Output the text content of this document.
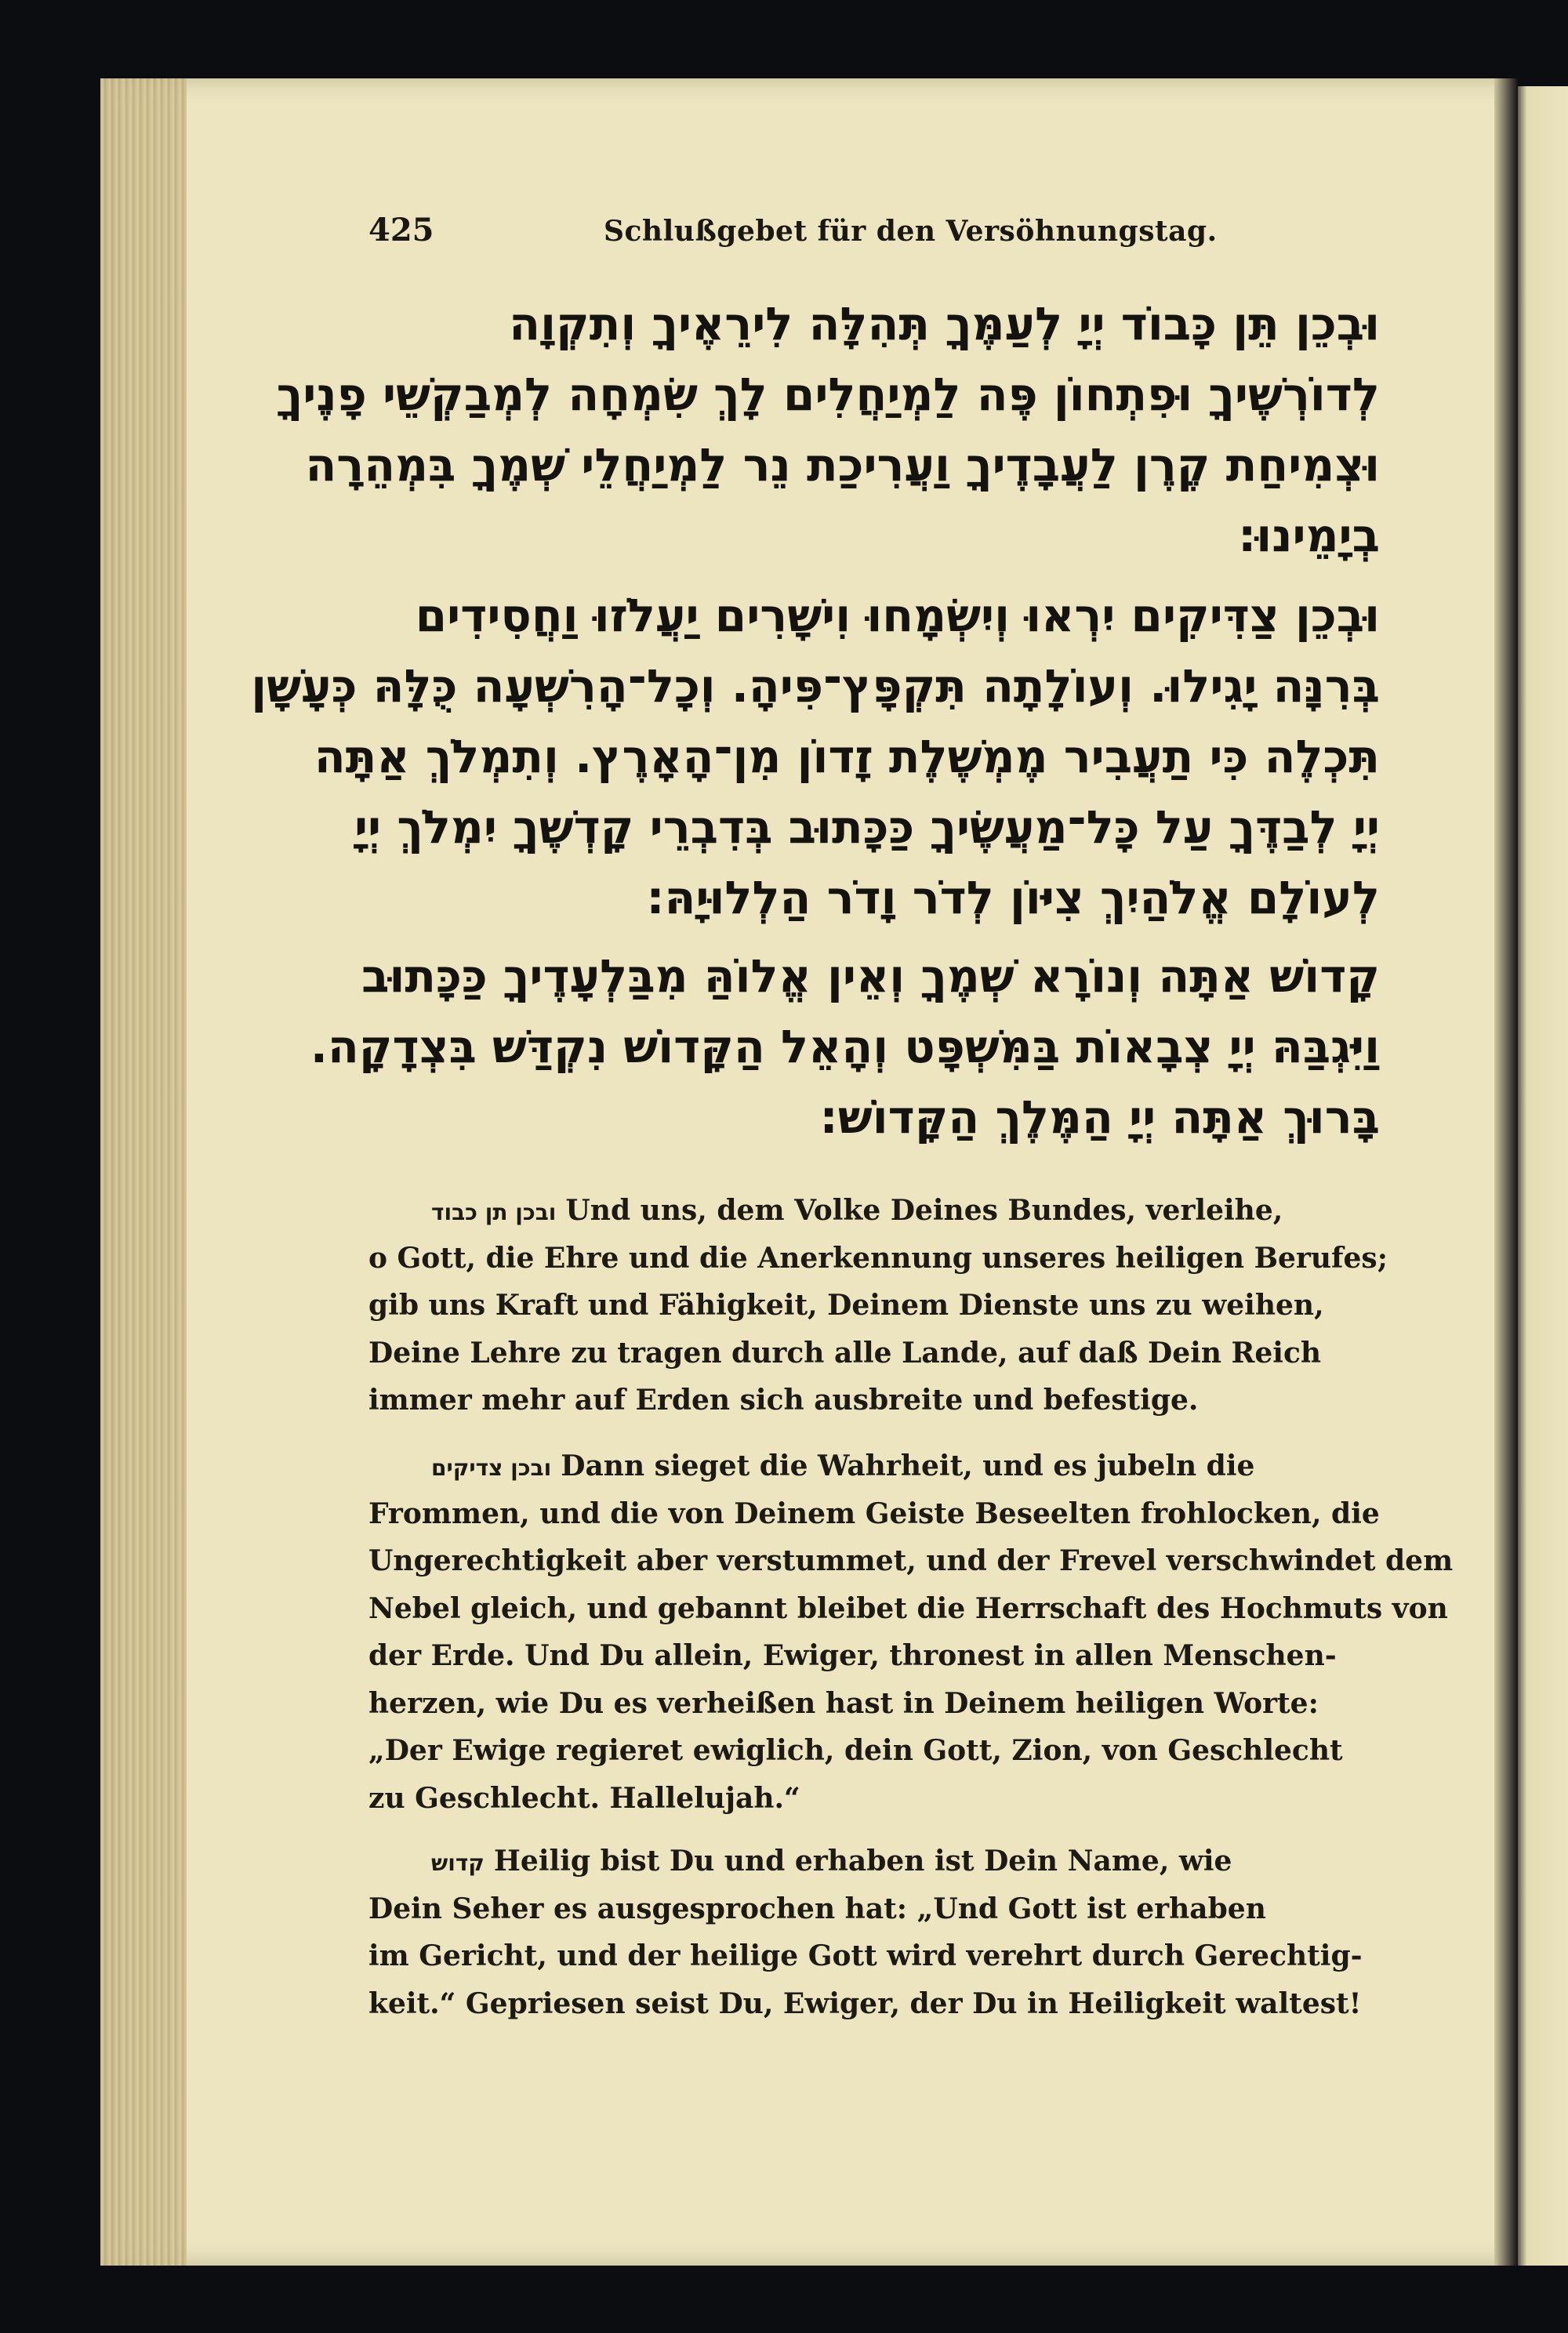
425	Schlußgebet für den Versöhnungstag.
וּבְכֵן תֵּן כָּבוֹד יְיָ לְעַמֶּךָ תְּהִלָּה לִירֵאֶיךָ וְתִקְוָה
לְדוֹרְשֶׁיךָ וּפִתְחוֹן פֶּה לַמְיַחֲלִים לָךְ שִׂמְחָה לְמְבַקְשֵׁי פָנֶיךָ
וּצְמִיחַת קֶרֶן לַעֲבָדֶיךָ וַעֲרִיכַת נֵר לַמְיַחֲלֵי שְׁמֶךָ בִּמְהֵרָה
בְיָמֵינוּ:
וּבְכֵן צַדִּיקִים יִרְאוּ וְיִשְׂמָחוּ וִישָׁרִים יַעֲלֹזוּ וַחֲסִידִים
בְּרִנָּה יָגִילוּ. וְעוֹלָתָה תִּקְפָּץ־פִּיהָ. וְכָל־הָרִשְׁעָה כֻּלָּהּ כְּעָשָׁן
תִּכְלֶה כִּי תַעֲבִיר מֶמְשֶׁלֶת זָדוֹן מִן־הָאָרֶץ. וְתִמְלֹךְ אַתָּה
יְיָ לְבַדֶּךָ עַל כָּל־מַעֲשֶׂיךָ כַּכָּתוּב בְּדִבְרֵי קָדְשֶׁךָ יִמְלֹךְ יְיָ
לְעוֹלָם אֱלֹהַיִךְ צִיּוֹן לְדֹר וָדֹר הַלְלוּיָהּ:
קָדוֹשׁ אַתָּה וְנוֹרָא שְׁמֶךָ וְאֵין אֱלוֹהַּ מִבַּלְעָדֶיךָ כַּכָּתוּב
וַיִּגְבַּהּ יְיָ צְבָאוֹת בַּמִּשְׁפָּט וְהָאֵל הַקָּדוֹשׁ נִקְדַּשׁ בִּצְדָקָה.
בָּרוּךְ אַתָּה יְיָ הַמֶּלֶךְ הַקָּדוֹשׁ:
ובכן תן כבוד Und uns, dem Volke Deines Bundes, verleihe,
o Gott, die Ehre und die Anerkennung unseres heiligen Berufes;
gib uns Kraft und Fähigkeit, Deinem Dienste uns zu weihen,
Deine Lehre zu tragen durch alle Lande, auf daß Dein Reich
immer mehr auf Erden sich ausbreite und befestige.
ובכן צדיקים Dann sieget die Wahrheit, und es jubeln die
Frommen, und die von Deinem Geiste Beseelten frohlocken, die
Ungerechtigkeit aber verstummet, und der Frevel verschwindet dem
Nebel gleich, und gebannt bleibet die Herrschaft des Hochmuts von
der Erde. Und Du allein, Ewiger, thronest in allen Menschen-
herzen, wie Du es verheißen hast in Deinem heiligen Worte:
„Der Ewige regieret ewiglich, dein Gott, Zion, von Geschlecht
zu Geschlecht. Hallelujah.“
קדוש Heilig bist Du und erhaben ist Dein Name, wie
Dein Seher es ausgesprochen hat: „Und Gott ist erhaben
im Gericht, und der heilige Gott wird verehrt durch Gerechtig-
keit.“ Gepriesen seist Du, Ewiger, der Du in Heiligkeit waltest!
